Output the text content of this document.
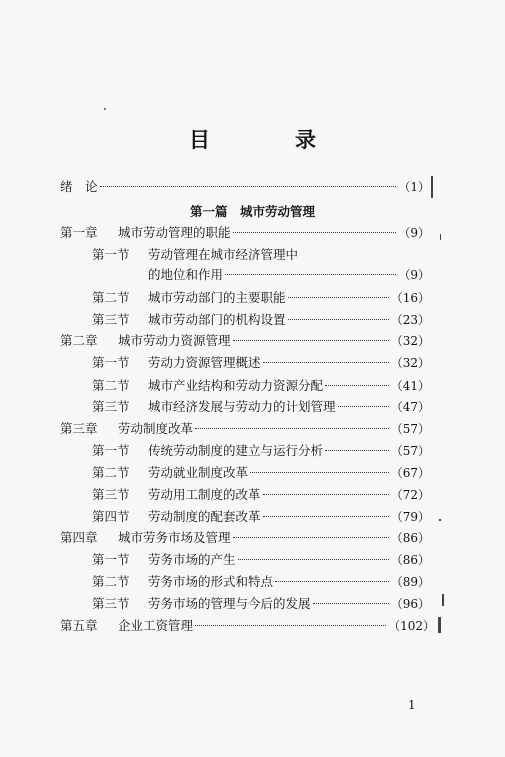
目　录
绪　论	（1）
第一篇　城市劳动管理
第一章	城市劳动管理的职能	（9）
第一节	劳动管理在城市经济管理中
的地位和作用	（9）
第二节	城市劳动部门的主要职能	（16）
第三节	城市劳动部门的机构设置	（23）
第二章	城市劳动力资源管理	（32）
第一节	劳动力资源管理概述	（32）
第二节	城市产业结构和劳动力资源分配	（41）
第三节	城市经济发展与劳动力的计划管理	（47）
第三章	劳动制度改革	（57）
第一节	传统劳动制度的建立与运行分析	（57）
第二节	劳动就业制度改革	（67）
第三节	劳动用工制度的改革	（72）
第四节	劳动制度的配套改革	（79）
第四章	城市劳务市场及管理	（86）
第一节	劳务市场的产生	（86）
第二节	劳务市场的形式和特点	（89）
第三节	劳务市场的管理与今后的发展	（96）
第五章	企业工资管理	（102）
1
